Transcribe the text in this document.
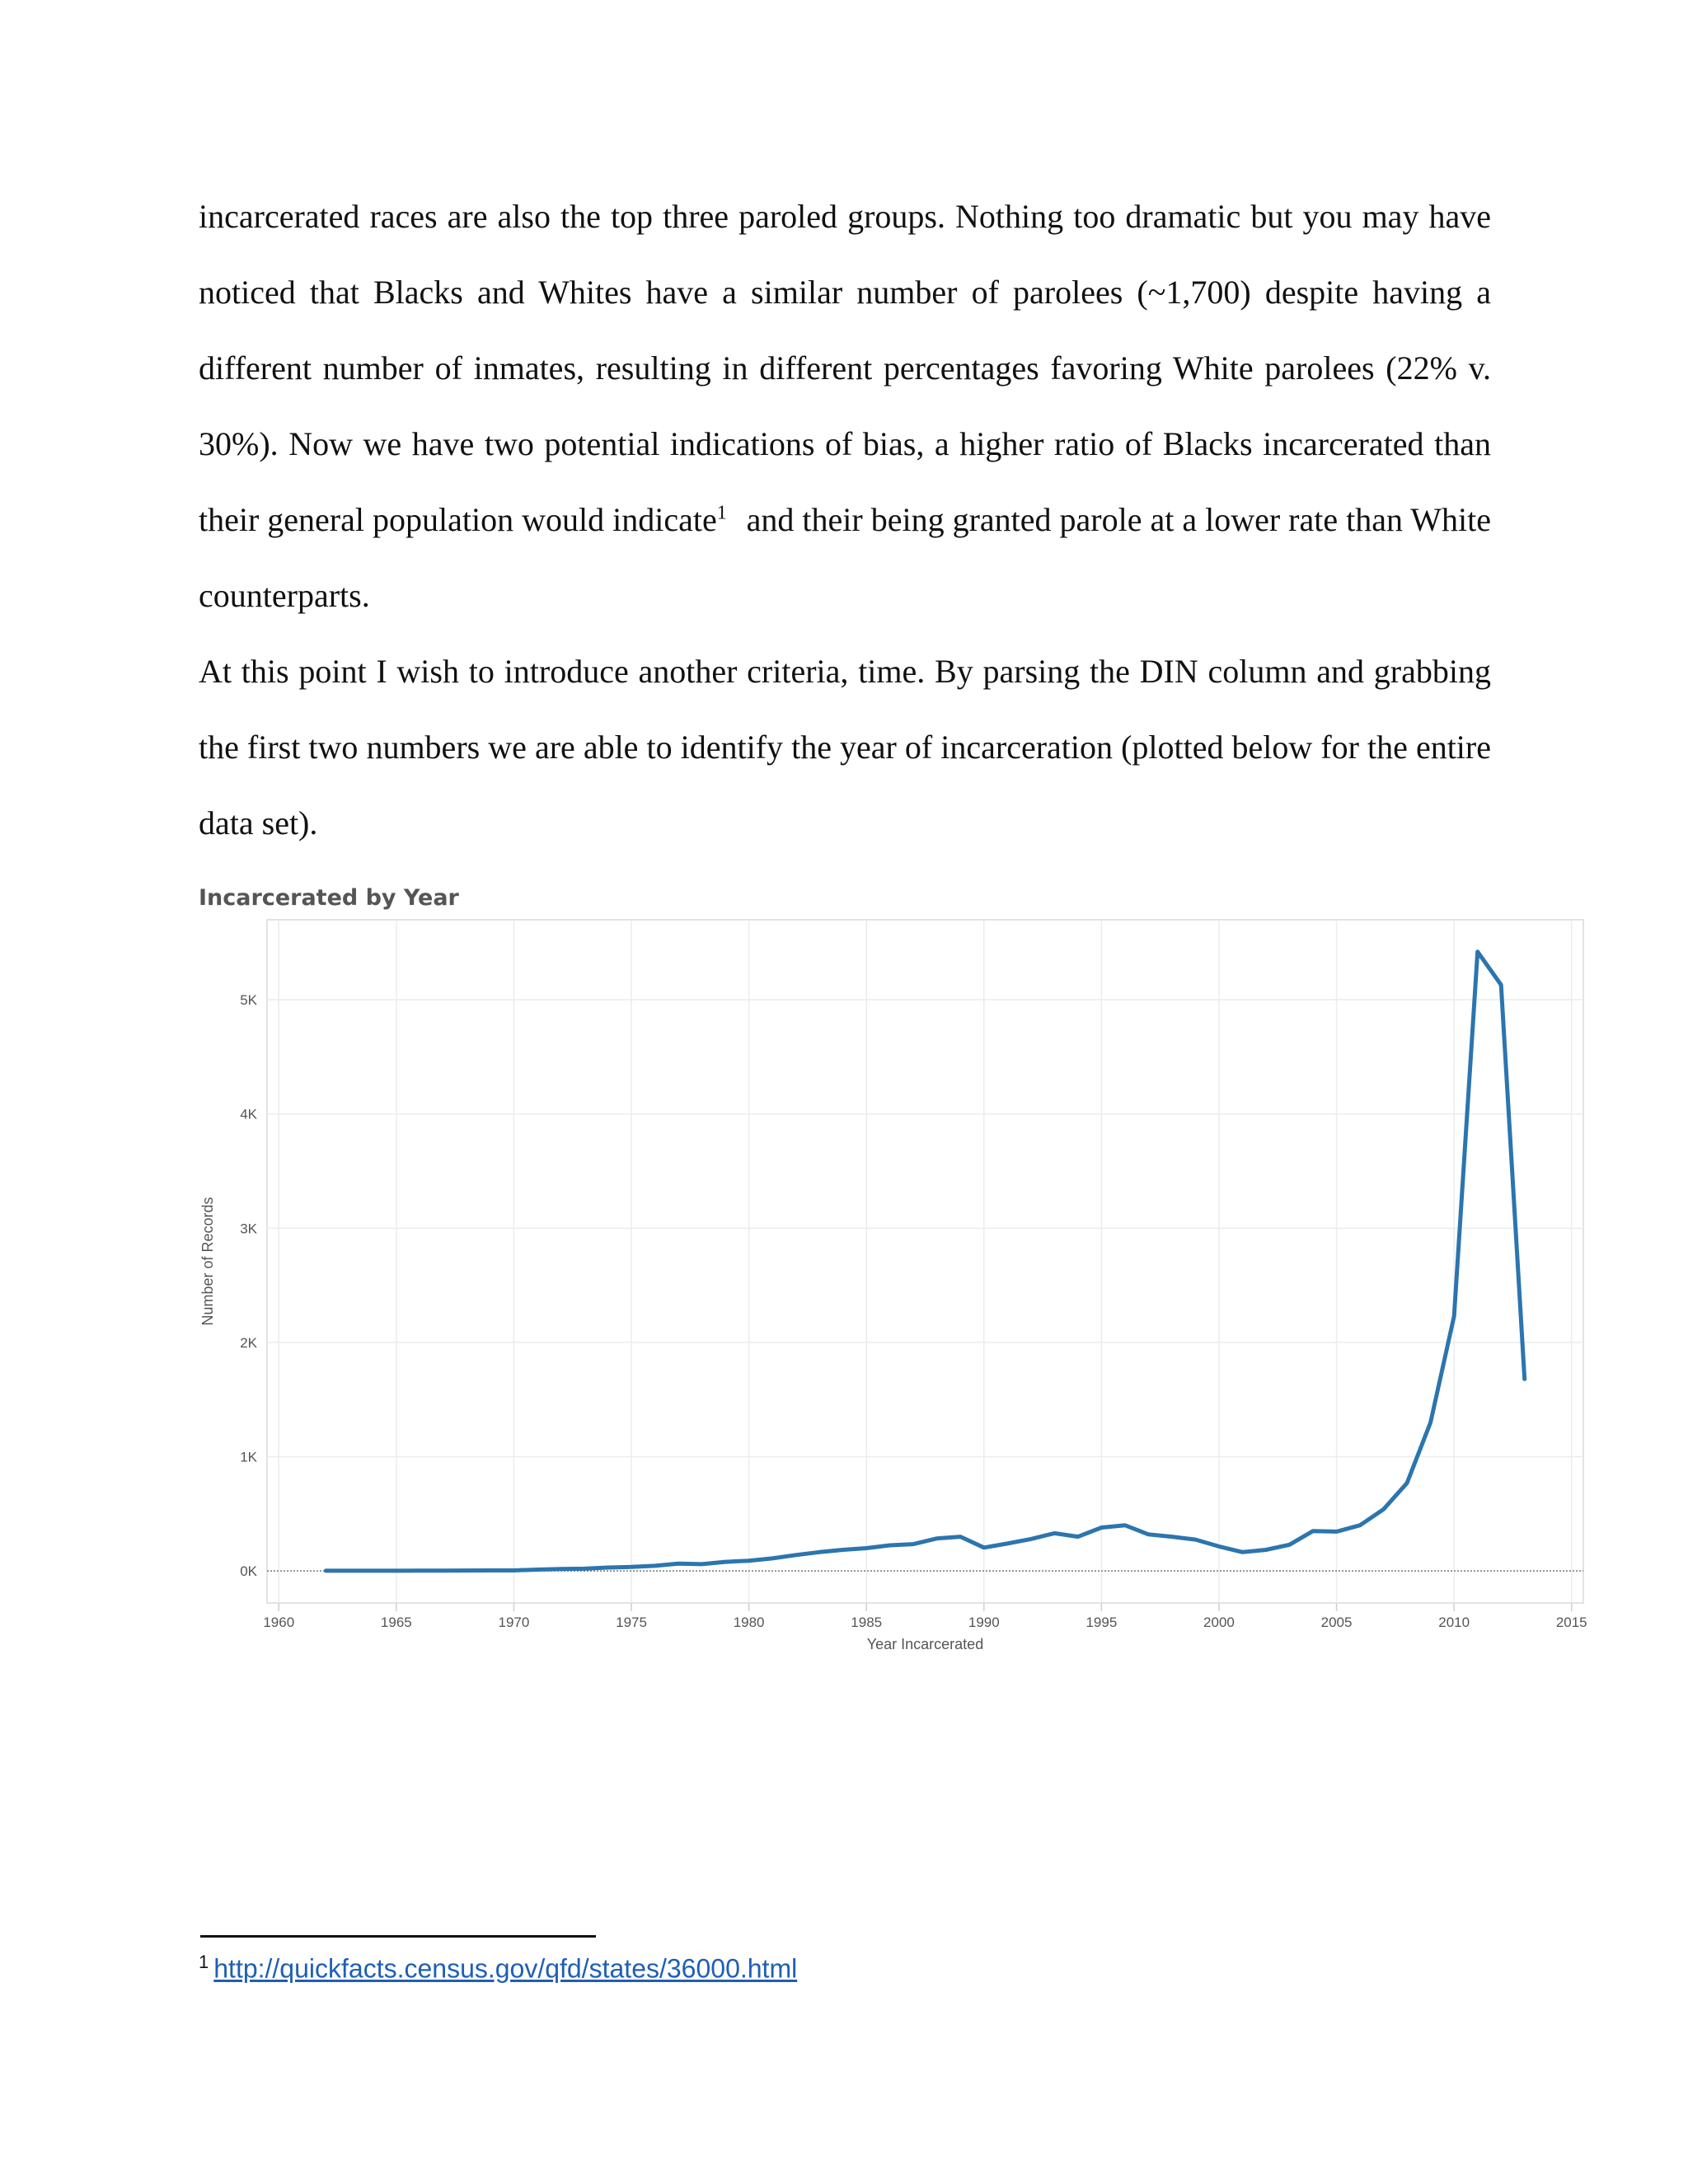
incarcerated races are also the top three paroled groups. Nothing too dramatic but you may have
noticed that Blacks and Whites have a similar number of parolees (~1,700) despite having a
different number of inmates, resulting in different percentages favoring White parolees (22% v.
30%). Now we have two potential indications of bias, a higher ratio of Blacks incarcerated than
their general population would indicate$^1$ and their being granted parole at a lower rate than White
counterparts.
At this point I wish to introduce another criteria, time. By parsing the DIN column and grabbing
the first two numbers we are able to identify the year of incarceration (plotted below for the entire
data set).
Incarcerated by Year
1960	1965	1970	1975	1980	1985	1990	1995	2000	2005	2010	2015
0K
1K
2K
3K
4K
5K
Year Incarcerated
Number of Records
$^1$ http://quickfacts.census.gov/qfd/states/36000.html
